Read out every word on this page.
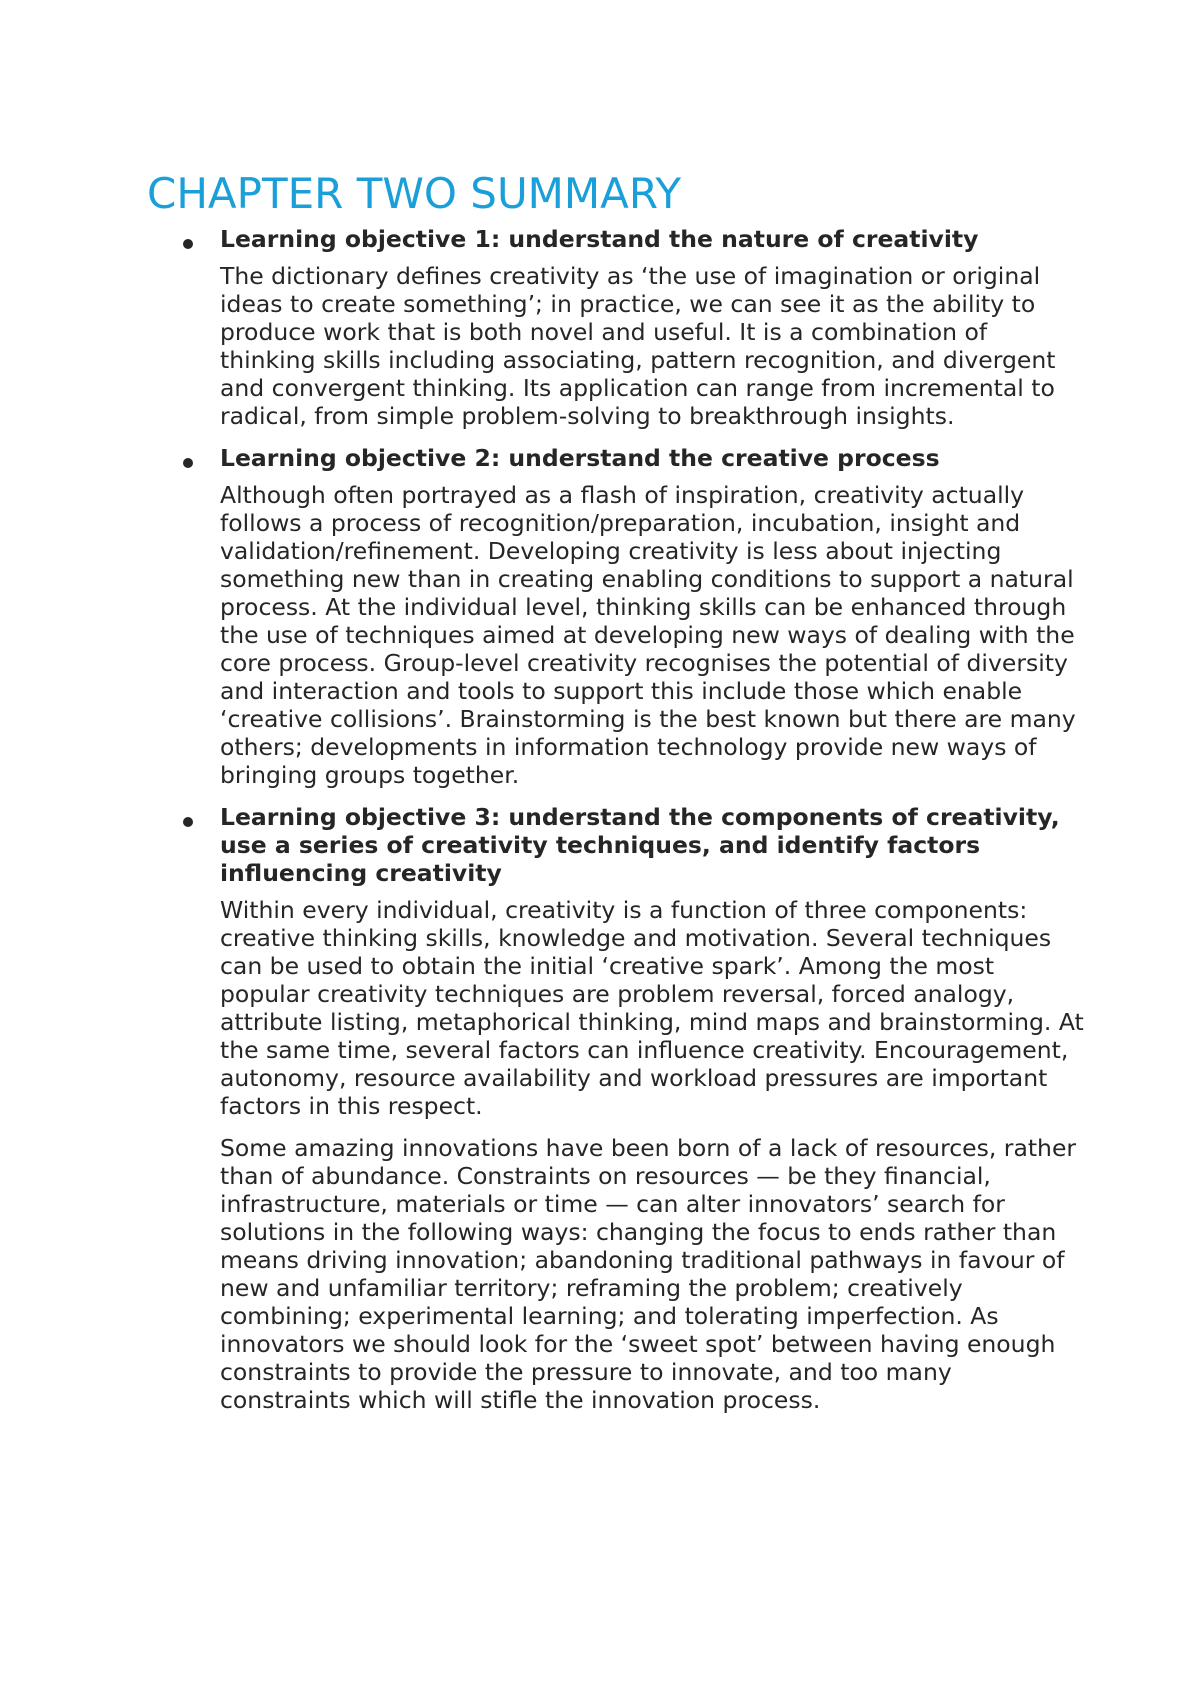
CHAPTER TWO SUMMARY

Learning objective 1: understand the nature of creativity

The dictionary defines creativity as ‘the use of imagination or original ideas to create something’; in practice, we can see it as the ability to produce work that is both novel and useful. It is a combination of thinking skills including associating, pattern recognition, and divergent and convergent thinking. Its application can range from incremental to radical, from simple problem-solving to breakthrough insights.

Learning objective 2: understand the creative process

Although often portrayed as a flash of inspiration, creativity actually follows a process of recognition/preparation, incubation, insight and validation/refinement. Developing creativity is less about injecting something new than in creating enabling conditions to support a natural process. At the individual level, thinking skills can be enhanced through the use of techniques aimed at developing new ways of dealing with the core process. Group-level creativity recognises the potential of diversity and interaction and tools to support this include those which enable ‘creative collisions’. Brainstorming is the best known but there are many others; developments in information technology provide new ways of bringing groups together.

Learning objective 3: understand the components of creativity, use a series of creativity techniques, and identify factors influencing creativity

Within every individual, creativity is a function of three components: creative thinking skills, knowledge and motivation. Several techniques can be used to obtain the initial ‘creative spark’. Among the most popular creativity techniques are problem reversal, forced analogy, attribute listing, metaphorical thinking, mind maps and brainstorming. At the same time, several factors can influence creativity. Encouragement, autonomy, resource availability and workload pressures are important factors in this respect.

Some amazing innovations have been born of a lack of resources, rather than of abundance. Constraints on resources — be they financial, infrastructure, materials or time — can alter innovators’ search for solutions in the following ways: changing the focus to ends rather than means driving innovation; abandoning traditional pathways in favour of new and unfamiliar territory; reframing the problem; creatively combining; experimental learning; and tolerating imperfection. As innovators we should look for the ‘sweet spot’ between having enough constraints to provide the pressure to innovate, and too many constraints which will stifle the innovation process.
